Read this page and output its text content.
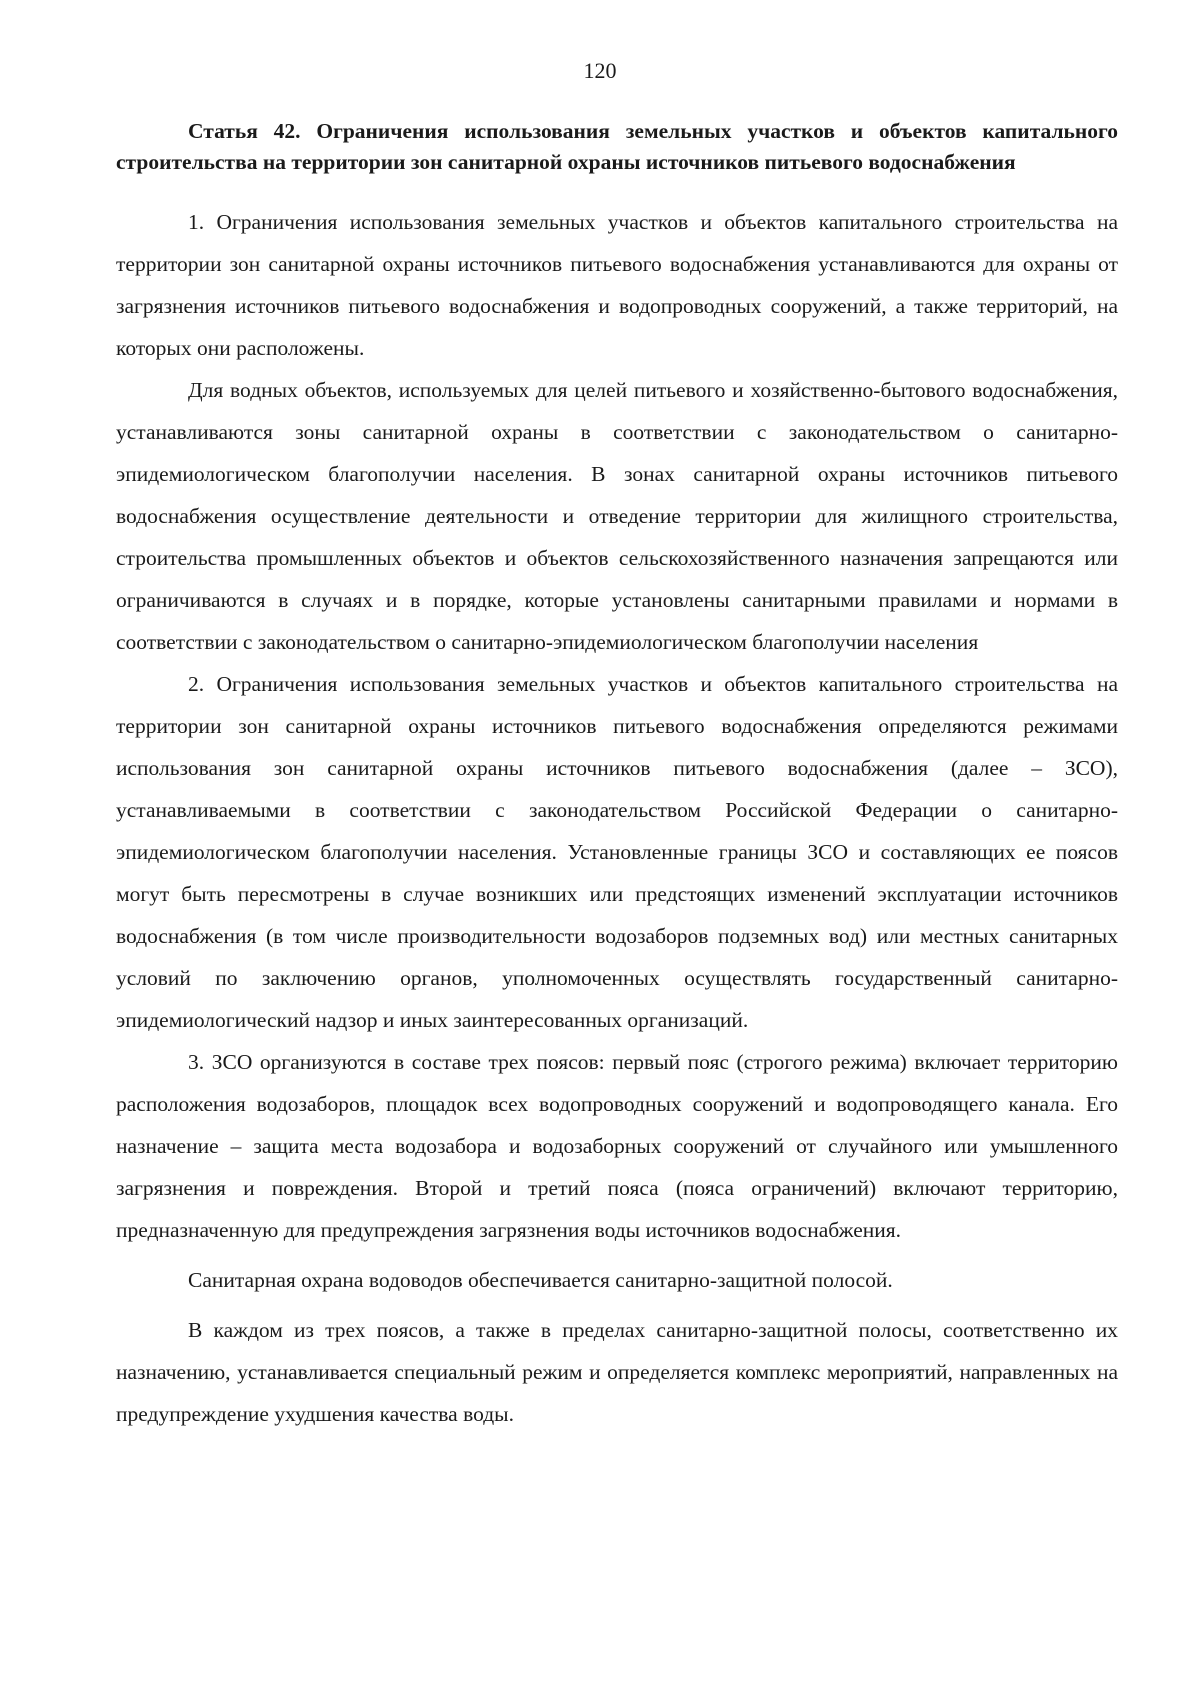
120

Статья 42. Ограничения использования земельных участков и объектов капитального строительства на территории зон санитарной охраны источников питьевого водоснабжения

1. Ограничения использования земельных участков и объектов капитального строительства на территории зон санитарной охраны источников питьевого водоснабжения устанавливаются для охраны от загрязнения источников питьевого водоснабжения и водопроводных сооружений, а также территорий, на которых они расположены.

Для водных объектов, используемых для целей питьевого и хозяйственно-бытового водоснабжения, устанавливаются зоны санитарной охраны в соответствии с законодательством о санитарно-эпидемиологическом благополучии населения. В зонах санитарной охраны источников питьевого водоснабжения осуществление деятельности и отведение территории для жилищного строительства, строительства промышленных объектов и объектов сельскохозяйственного назначения запрещаются или ограничиваются в случаях и в порядке, которые установлены санитарными правилами и нормами в соответствии с законодательством о санитарно-эпидемиологическом благополучии населения

2. Ограничения использования земельных участков и объектов капитального строительства на территории зон санитарной охраны источников питьевого водоснабжения определяются режимами использования зон санитарной охраны источников питьевого водоснабжения (далее – ЗСО), устанавливаемыми в соответствии с законодательством Российской Федерации о санитарно-эпидемиологическом благополучии населения. Установленные границы ЗСО и составляющих ее поясов могут быть пересмотрены в случае возникших или предстоящих изменений эксплуатации источников водоснабжения (в том числе производительности водозаборов подземных вод) или местных санитарных условий по заключению органов, уполномоченных осуществлять государственный санитарно-эпидемиологический надзор и иных заинтересованных организаций.

3. ЗСО организуются в составе трех поясов: первый пояс (строгого режима) включает территорию расположения водозаборов, площадок всех водопроводных сооружений и водопроводящего канала. Его назначение – защита места водозабора и водозаборных сооружений от случайного или умышленного загрязнения и повреждения. Второй и третий пояса (пояса ограничений) включают территорию, предназначенную для предупреждения загрязнения воды источников водоснабжения.

Санитарная охрана водоводов обеспечивается санитарно-защитной полосой.

В каждом из трех поясов, а также в пределах санитарно-защитной полосы, соответственно их назначению, устанавливается специальный режим и определяется комплекс мероприятий, направленных на предупреждение ухудшения качества воды.
